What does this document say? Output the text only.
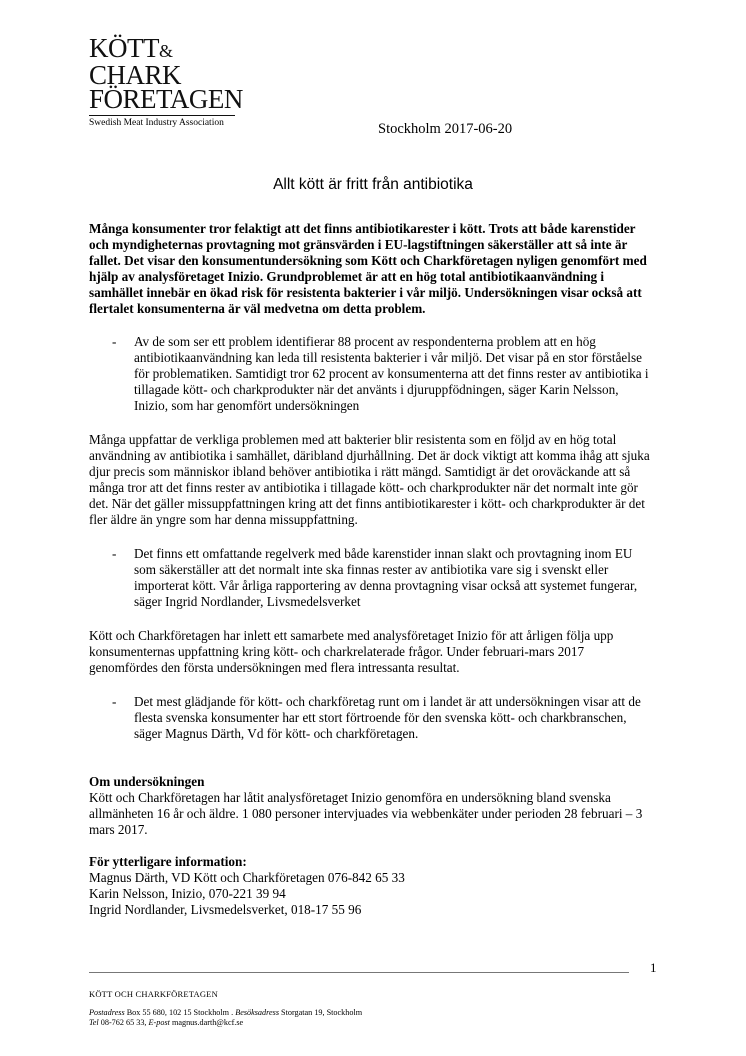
KÖTT&
CHARK
FÖRETAGEN
Swedish Meat Industry Association	Stockholm 2017-06-20
Allt kött är fritt från antibiotika

Många konsumenter tror felaktigt att det finns antibiotikarester i kött. Trots att både karenstider och myndigheternas provtagning mot gränsvärden i EU-lagstiftningen säkerställer att så inte är fallet. Det visar den konsumentundersökning som Kött och Charkföretagen nyligen genomfört med hjälp av analysföretaget Inizio. Grundproblemet är att en hög total antibiotikaanvändning i samhället innebär en ökad risk för resistenta bakterier i vår miljö. Undersökningen visar också att flertalet konsumenterna är väl medvetna om detta problem.

- Av de som ser ett problem identifierar 88 procent av respondenterna problem att en hög antibiotikaanvändning kan leda till resistenta bakterier i vår miljö. Det visar på en stor förståelse för problematiken. Samtidigt tror 62 procent av konsumenterna att det finns rester av antibiotika i tillagade kött- och charkprodukter när det använts i djuruppfödningen, säger Karin Nelsson, Inizio, som har genomfört undersökningen

Många uppfattar de verkliga problemen med att bakterier blir resistenta som en följd av en hög total användning av antibiotika i samhället, däribland djurhållning. Det är dock viktigt att komma ihåg att sjuka djur precis som människor ibland behöver antibiotika i rätt mängd. Samtidigt är det oroväckande att så många tror att det finns rester av antibiotika i tillagade kött- och charkprodukter när det normalt inte gör det. När det gäller missuppfattningen kring att det finns antibiotikarester i kött- och charkprodukter är det fler äldre än yngre som har denna missuppfattning.

- Det finns ett omfattande regelverk med både karenstider innan slakt och provtagning inom EU som säkerställer att det normalt inte ska finnas rester av antibiotika vare sig i svenskt eller importerat kött. Vår årliga rapportering av denna provtagning visar också att systemet fungerar, säger Ingrid Nordlander, Livsmedelsverket

Kött och Charkföretagen har inlett ett samarbete med analysföretaget Inizio för att årligen följa upp konsumenternas uppfattning kring kött- och charkrelaterade frågor. Under februari-mars 2017 genomfördes den första undersökningen med flera intressanta resultat.

- Det mest glädjande för kött- och charkföretag runt om i landet är att undersökningen visar att de flesta svenska konsumenter har ett stort förtroende för den svenska kött- och charkbranschen, säger Magnus Därth, Vd för kött- och charkföretagen.

Om undersökningen

Kött och Charkföretagen har låtit analysföretaget Inizio genomföra en undersökning bland svenska allmänheten 16 år och äldre. 1 080 personer intervjuades via webbenkäter under perioden 28 februari – 3 mars 2017.

För ytterligare information:

Magnus Därth, VD Kött och Charkföretagen 076-842 65 33

Karin Nelsson, Inizio, 070-221 39 94

Ingrid Nordlander, Livsmedelsverket, 018-17 55 96

1
KÖTT OCH CHARKFÖRETAGEN
Postadress Box 55 680, 102 15 Stockholm . Besöksadress Storgatan 19, Stockholm
Tel 08-762 65 33, E-post magnus.darth@kcf.se
